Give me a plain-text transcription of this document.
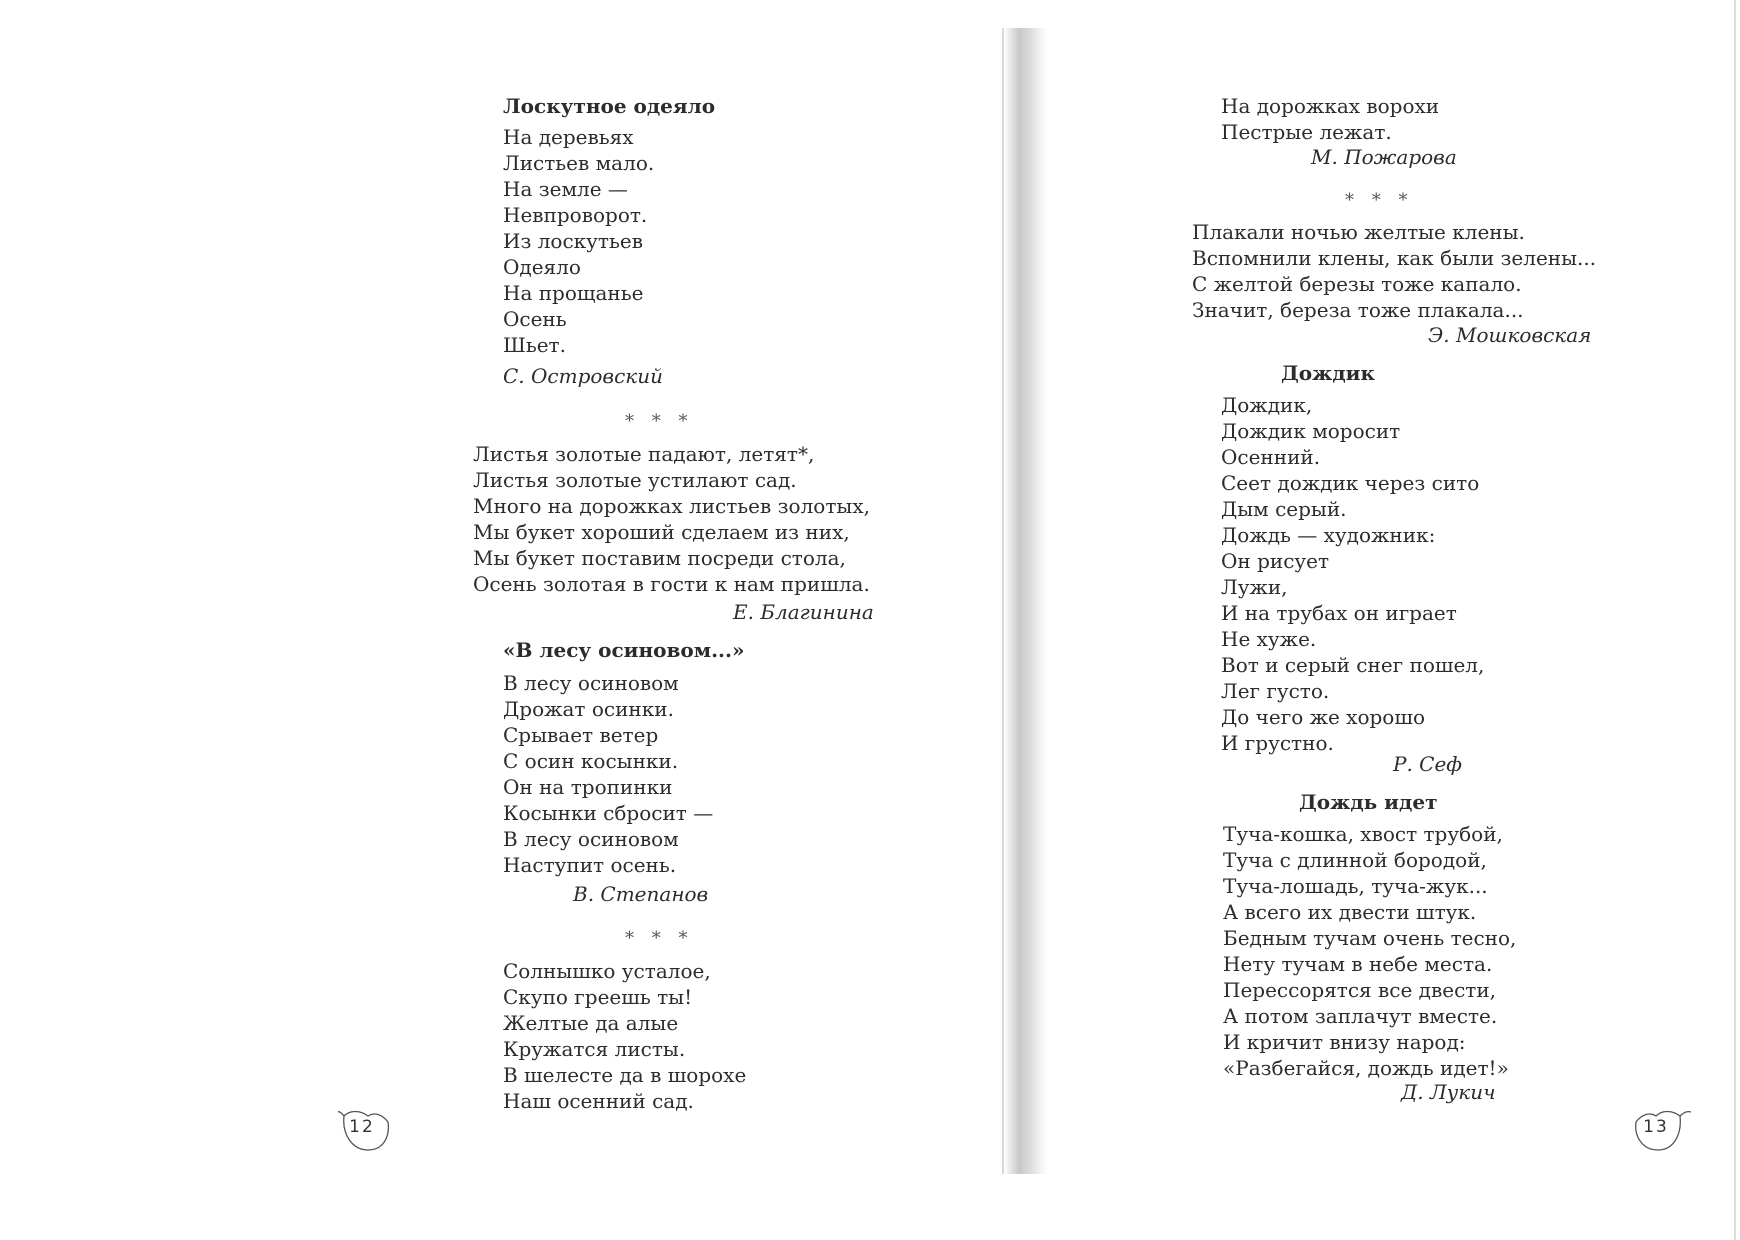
Лоскутное одеяло
На деревьях
Листьев мало.
На земле —
Невпроворот.
Из лоскутьев
Одеяло
На прощанье
Осень
Шьет.
С. Островский
* * *
Листья золотые падают, летят*,
Листья золотые устилают сад.
Много на дорожках листьев золотых,
Мы букет хороший сделаем из них,
Мы букет поставим посреди стола,
Осень золотая в гости к нам пришла.
Е. Благинина
«В лесу осиновом...»
В лесу осиновом
Дрожат осинки.
Срывает ветер
С осин косынки.
Он на тропинки
Косынки сбросит —
В лесу осиновом
Наступит осень.
В. Степанов
* * *
Солнышко усталое,
Скупо греешь ты!
Желтые да алые
Кружатся листы.
В шелесте да в шорохе
Наш осенний сад.
12
На дорожках ворохи
Пестрые лежат.
М. Пожарова
* * *
Плакали ночью желтые клены.
Вспомнили клены, как были зелены...
С желтой березы тоже капало.
Значит, береза тоже плакала...
Э. Мошковская
Дождик
Дождик,
Дождик моросит
Осенний.
Сеет дождик через сито
Дым серый.
Дождь — художник:
Он рисует
Лужи,
И на трубах он играет
Не хуже.
Вот и серый снег пошел,
Лег густо.
До чего же хорошо
И грустно.
Р. Сеф
Дождь идет
Туча-кошка, хвост трубой,
Туча с длинной бородой,
Туча-лошадь, туча-жук...
А всего их двести штук.
Бедным тучам очень тесно,
Нету тучам в небе места.
Перессорятся все двести,
А потом заплачут вместе.
И кричит внизу народ:
«Разбегайся, дождь идет!»
Д. Лукич
13
